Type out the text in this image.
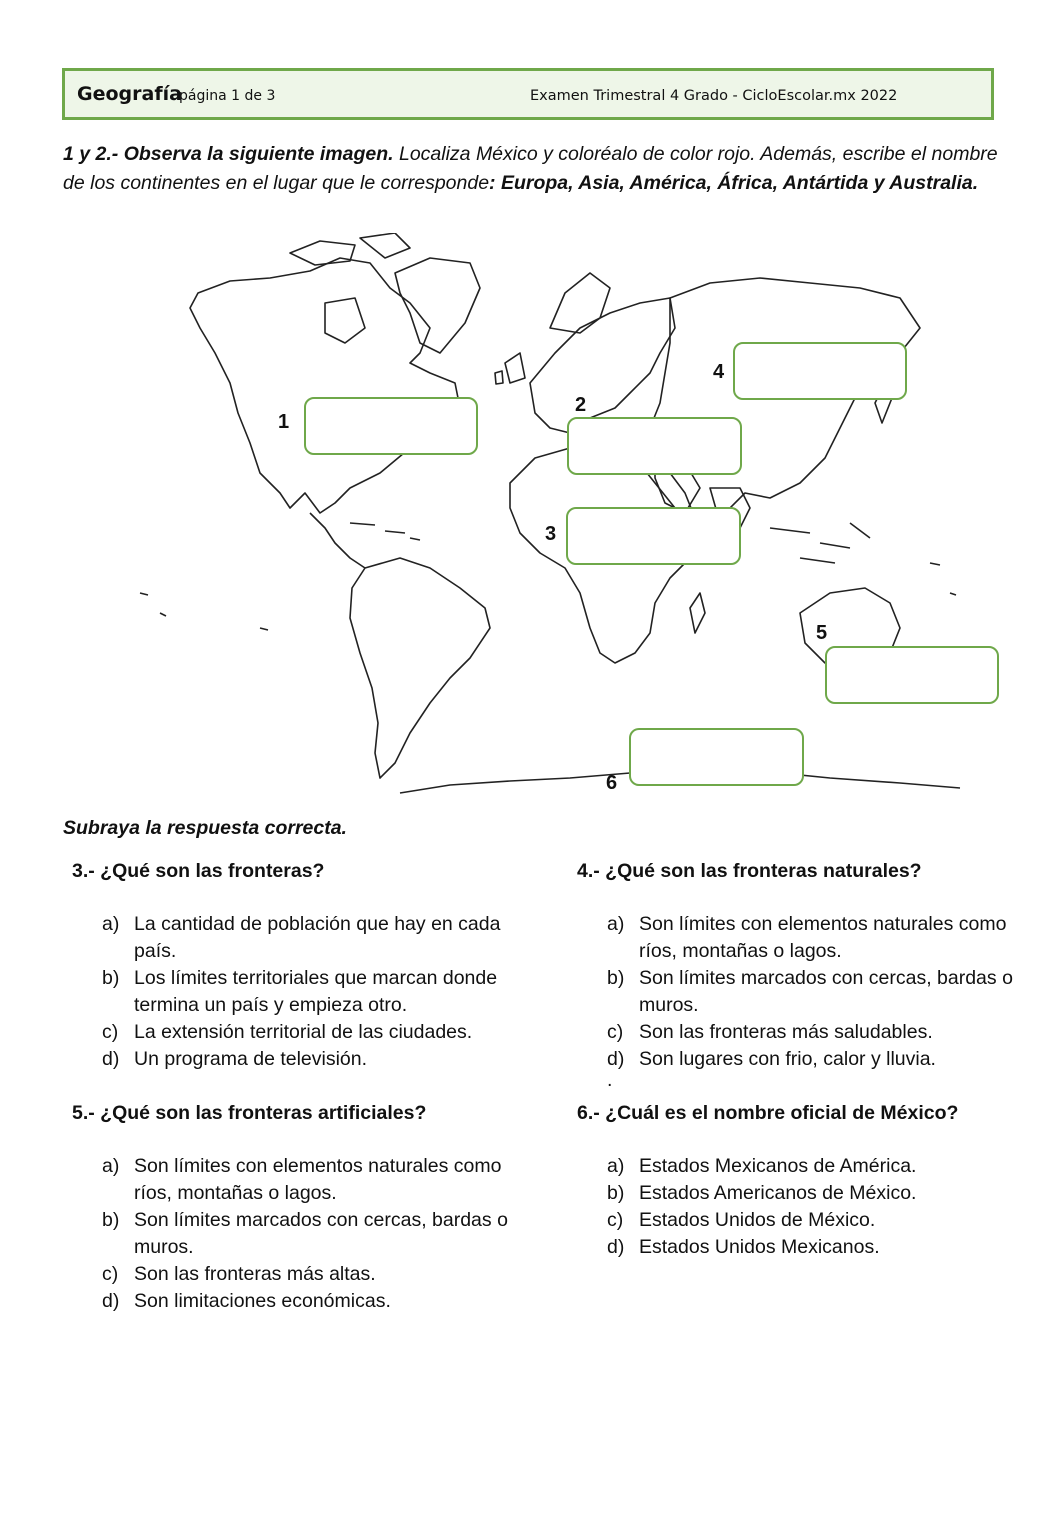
Geografía
página 1 de 3	Examen Trimestral 4 Grado - CicloEscolar.mx 2022
1 y 2.- Observa la siguiente imagen. Localiza México y coloréalo de color rojo. Además, escribe el nombre de los continentes en el lugar que le corresponde: Europa, Asia, América, África, Antártida y Australia.
1
2
3
4
5
6
Subraya la respuesta correcta.
3.- ¿Qué son las fronteras?
a) La cantidad de población que hay en cada país.
b) Los límites territoriales que marcan donde termina un país y empieza otro.
c) La extensión territorial de las ciudades.
d) Un programa de televisión.
4.- ¿Qué son las fronteras naturales?
a) Son límites con elementos naturales como ríos, montañas o lagos.
b) Son límites marcados con cercas, bardas o muros.
c) Son las fronteras más saludables.
d) Son lugares con frio, calor y lluvia.
.
5.- ¿Qué son las fronteras artificiales?
a) Son límites con elementos naturales como ríos, montañas o lagos.
b) Son límites marcados con cercas, bardas o muros.
c) Son las fronteras más altas.
d) Son limitaciones económicas.
6.- ¿Cuál es el nombre oficial de México?
a) Estados Mexicanos de América.
b) Estados Americanos de México.
c) Estados Unidos de México.
d) Estados Unidos Mexicanos.
